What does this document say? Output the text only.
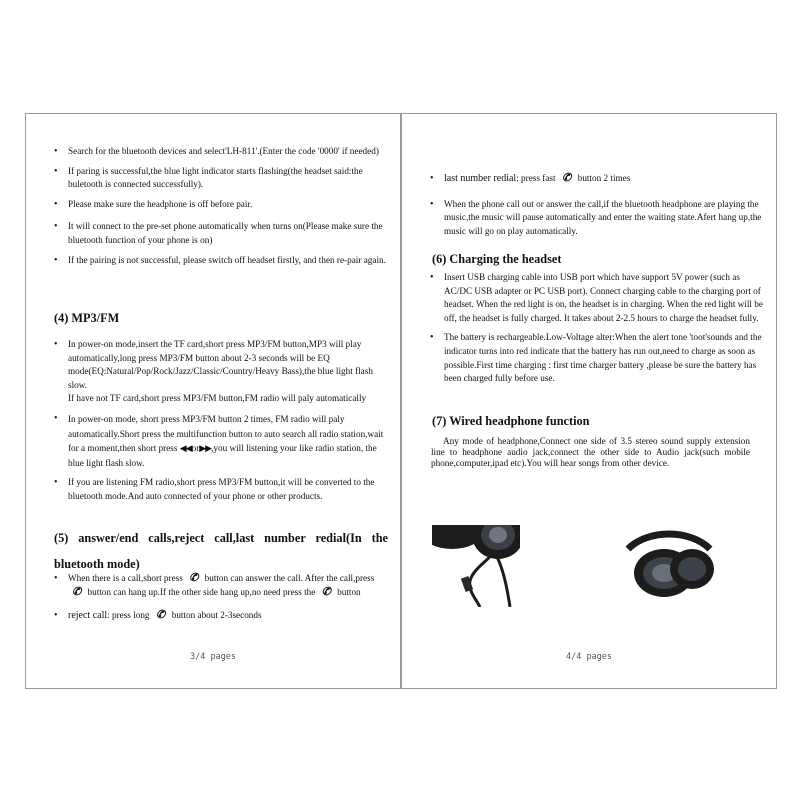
• Search for the bluetooth devices and select'LH-811'.(Enter the code '0000' if needed)
• If paring is successful,the blue light indicator starts flashing(the headset said:the buletooth is connected successfully).
• Please make sure the headphone is off before pair.
• It will connect to the pre-set phone automatically when turns on(Please make sure the bluetooth function of your phone is on)
• If the pairing is not successful, please switch off headset firstly, and then re-pair again.
(4) MP3/FM
• In power-on mode,insert the TF card,short press MP3/FM button,MP3 will play automatically,long press MP3/FM button about 2-3 seconds will be EQ mode(EQ:Natural/Pop/Rock/Jazz/Classic/Country/Heavy Bass),the blue light flash slow.
If have not TF card,short press MP3/FM button,FM radio will paly automatically
• In power-on mode, short press MP3/FM button 2 times, FM radio will paly automatically.Short press the multifunction button to auto search all radio station,wait for a moment,then short press ◀◀or▶▶,you will listening your like radio station, the blue light flash slow.
• If you are listening FM radio,short press MP3/FM button,it will be converted to the bluetooth mode.And auto connected of your phone or other products.
(5) answer/end calls,reject call,last number redial(In the bluetooth mode)
• When there is a call,short press ✆ button can answer the call. After the call,press ✆ button can hang up.If the other side hang up,no need press the ✆ button
• reject call: press long ✆ button about 2-3seconds
3/4 pages
• last number redial: press fast ✆ button 2 times
• When the phone call out or answer the call,if the bluetooth headphone are playing the music,the music will pause automatically and enter the waiting state.Afert hang up,the music will go on play automatically.
(6) Charging the headset
• Insert USB charging cable into USB port which have support 5V power (such as AC/DC USB adapter or PC USB port). Connect charging cable to the charging port of headset. When the red light is on, the headset is in charging. When the red light will be off, the headset is fully charged. It takes about 2-2.5 hours to charge the headset fully.
• The battery is rechargeable.Low-Voltage alter:When the alert tone 'toot'sounds and the indicator turns into red indicate that the battery has run out,need to charge as soon as possible.First time charging : first time charger battery ,please be sure the battery has been charged fully before use.
(7) Wired headphone function
Any mode of headphone,Connect one side of 3.5 stereo sound supply extension line to headphone audio jack,connect the other side to Audio jack(such mobile phone,computer,ipad etc).You will hear songs from other device.
4/4 pages
